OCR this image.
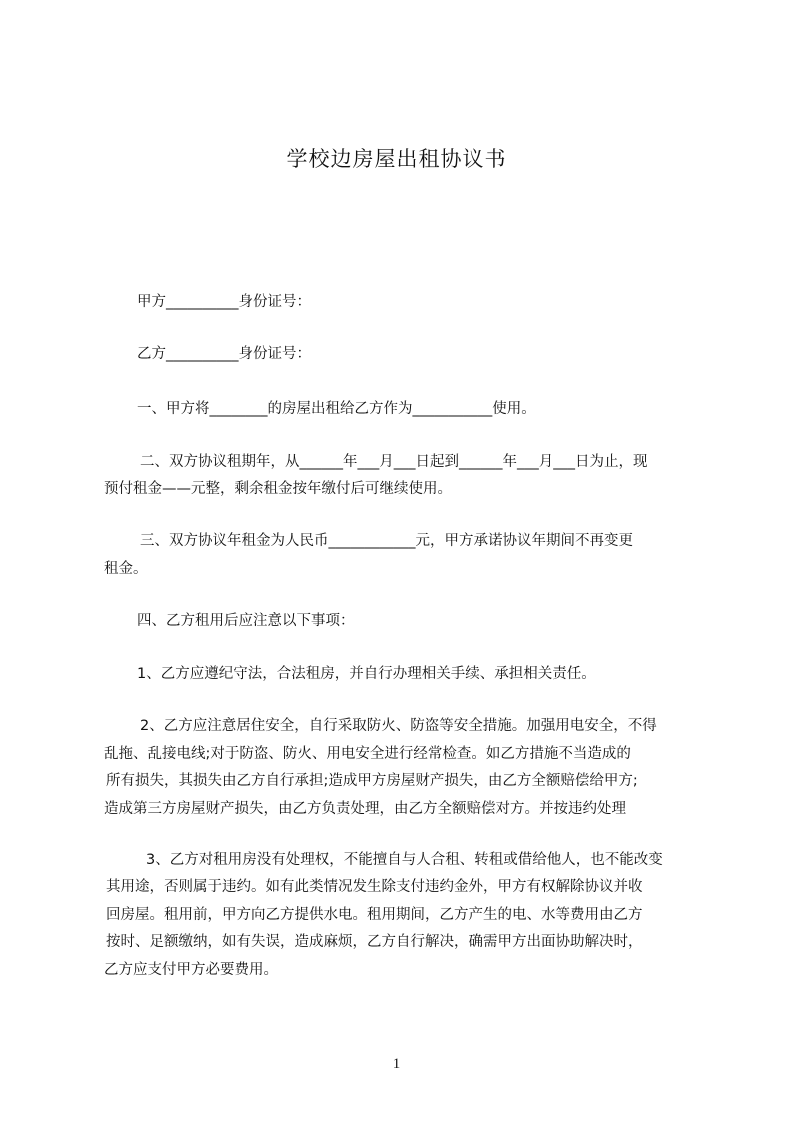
学校边房屋出租协议书
甲方__________身份证号：
乙方__________身份证号：
一、甲方将________的房屋出租给乙方作为___________使用。
二、双方协议租期年，从______年___月___日起到______年___月___日为止，现
预付租金——元整，剩余租金按年缴付后可继续使用。
三、双方协议年租金为人民币____________元，甲方承诺协议年期间不再变更
租金。
四、乙方租用后应注意以下事项：
1、乙方应遵纪守法，合法租房，并自行办理相关手续、承担相关责任。
2、乙方应注意居住安全，自行采取防火、防盗等安全措施。加强用电安全，不得
乱拖、乱接电线;对于防盗、防火、用电安全进行经常检查。如乙方措施不当造成的
所有损失，其损失由乙方自行承担;造成甲方房屋财产损失，由乙方全额赔偿给甲方;
造成第三方房屋财产损失，由乙方负责处理，由乙方全额赔偿对方。并按违约处理
3、乙方对租用房没有处理权，不能擅自与人合租、转租或借给他人，也不能改变
其用途，否则属于违约。如有此类情况发生除支付违约金外，甲方有权解除协议并收
回房屋。租用前，甲方向乙方提供水电。租用期间，乙方产生的电、水等费用由乙方
按时、足额缴纳，如有失误，造成麻烦，乙方自行解决，确需甲方出面协助解决时，
乙方应支付甲方必要费用。
1
